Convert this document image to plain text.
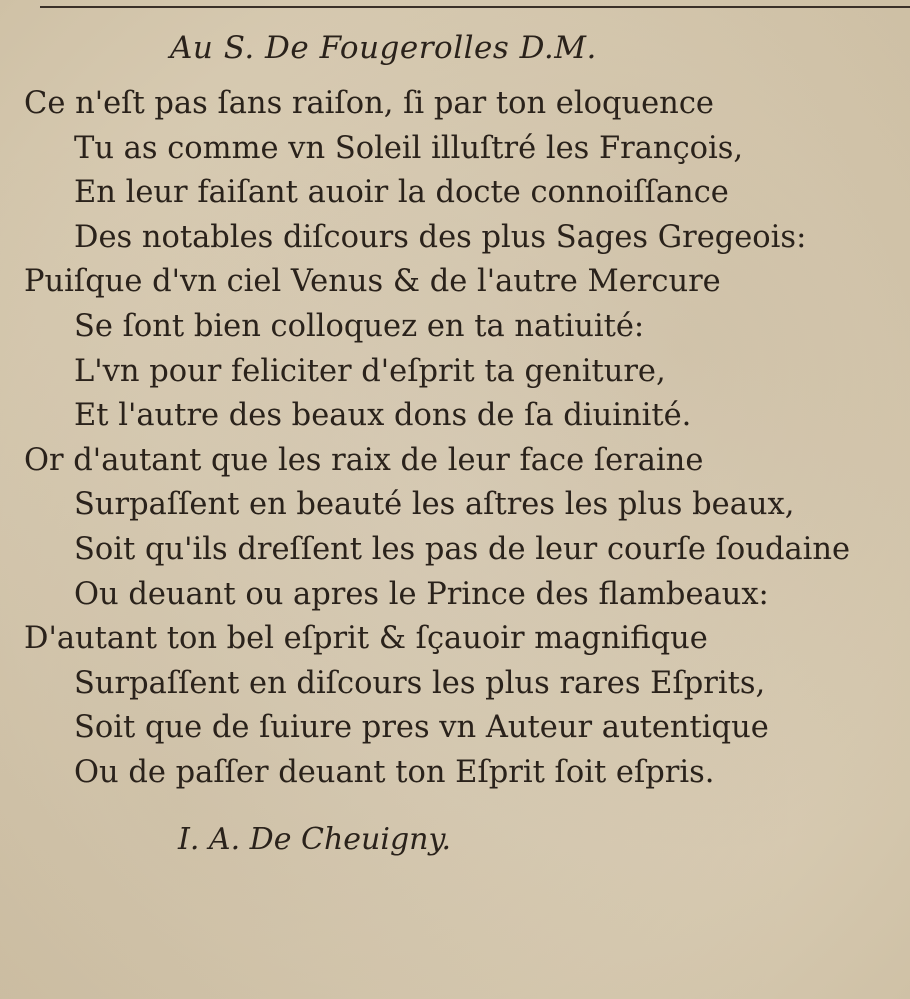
Au S. De Fougerolles D.M.
Ce n'eſt pas ſans raiſon, ſi par ton eloquence
Tu as comme vn Soleil illuſtré les François,
En leur faiſant auoir la docte connoiſſance
Des notables diſcours des plus Sages Gregeois:
Puiſque d'vn ciel Venus & de l'autre Mercure
Se ſont bien colloquez en ta natiuité:
L'vn pour feliciter d'eſprit ta geniture,
Et l'autre des beaux dons de ſa diuinité.
Or d'autant que les raix de leur face ſeraine
Surpaſſent en beauté les aſtres les plus beaux,
Soit qu'ils dreſſent les pas de leur courſe ſoudaine
Ou deuant ou apres le Prince des flambeaux:
D'autant ton bel eſprit & ſçauoir magnifique
Surpaſſent en diſcours les plus rares Eſprits,
Soit que de ſuiure pres vn Auteur autentique
Ou de paſſer deuant ton Eſprit ſoit eſpris.
I. A. De Cheuigny.
